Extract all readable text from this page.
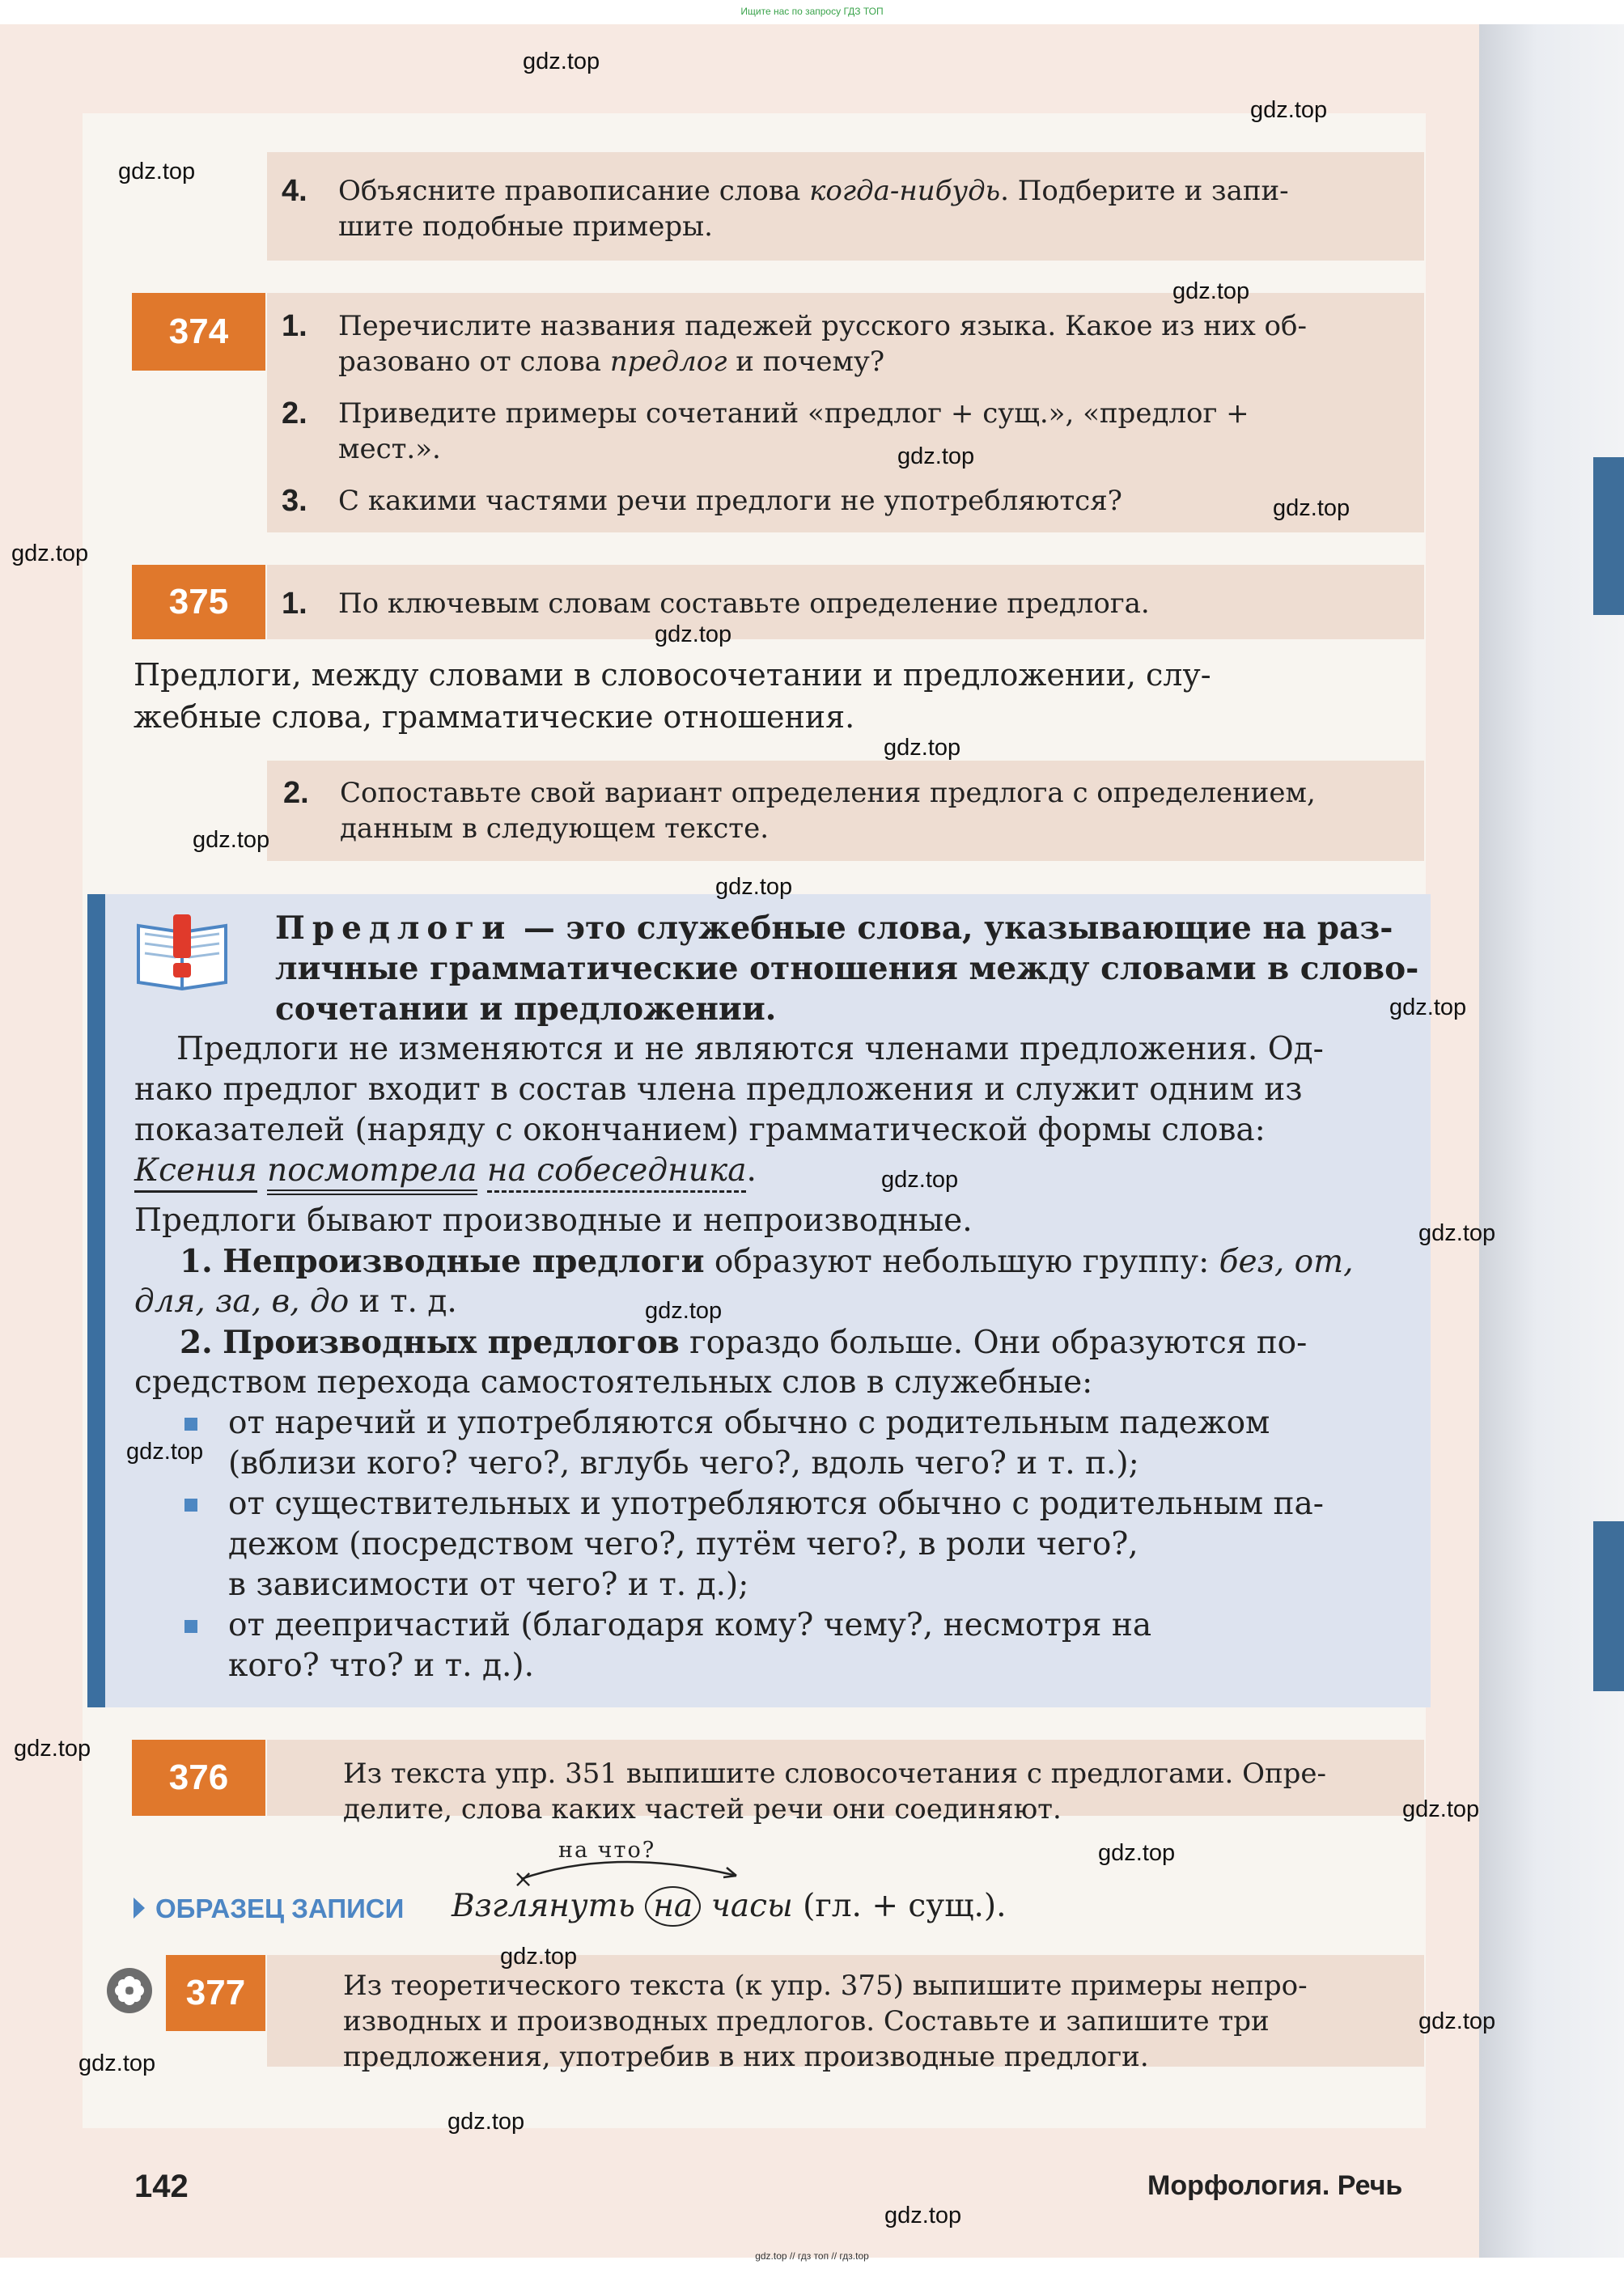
Ищите нас по запросу ГДЗ ТОП
4. Объясните правописание слова когда-нибудь. Подберите и запи-
шите подобные примеры.
374	1. Перечислите названия падежей русского языка. Какое из них об-
разовано от слова предлог и почему?
2. Приведите примеры сочетаний «предлог + сущ.», «предлог +
мест.».
3. С какими частями речи предлоги не употребляются?
375	1. По ключевым словам составьте определение предлога.
Предлоги, между словами в словосочетании и предложении, слу-
жебные слова, грамматические отношения.
2. Сопоставьте свой вариант определения предлога с определением,
данным в следующем тексте.
Предлоги — это служебные слова, указывающие на раз-
личные грамматические отношения между словами в слово-
сочетании и предложении.
Предлоги не изменяются и не являются членами предложения. Од-
нако предлог входит в состав члена предложения и служит одним из
показателей (наряду с окончанием) грамматической формы слова:
Ксения посмотрела на собеседника.
Предлоги бывают производные и непроизводные.
1. Непроизводные предлоги образуют небольшую группу: без, от,
для, за, в, до и т. д.
2. Производных предлогов гораздо больше. Они образуются по-
средством перехода самостоятельных слов в служебные:
от наречий и употребляются обычно с родительным падежом
(вблизи кого? чего?, вглубь чего?, вдоль чего? и т. п.);
от существительных и употребляются обычно с родительным па-
дежом (посредством чего?, путём чего?, в роли чего?,
в зависимости от чего? и т. д.);
от деепричастий (благодаря кому? чему?, несмотря на
кого? что? и т. д.).
376	Из текста упр. 351 выпишите словосочетания с предлогами. Опре-
делите, слова каких частей речи они соединяют.
ОБРАЗЕЦ ЗАПИСИ
на что?
×
Взглянуть на часы (гл. + сущ.).
377	Из теоретического текста (к упр. 375) выпишите примеры непро-
изводных и производных предлогов. Составьте и запишите три
предложения, употребив в них производные предлоги.
142	Морфология. Речь
gdz.top
gdz.top
gdz.top
gdz.top
gdz.top
gdz.top
gdz.top
gdz.top
gdz.top
gdz.top
gdz.top
gdz.top
gdz.top
gdz.top
gdz.top
gdz.top
gdz.top
gdz.top
gdz.top
gdz.top
gdz.top
gdz.top
gdz.top
gdz.top
gdz.top // гдз топ // гдз.top
